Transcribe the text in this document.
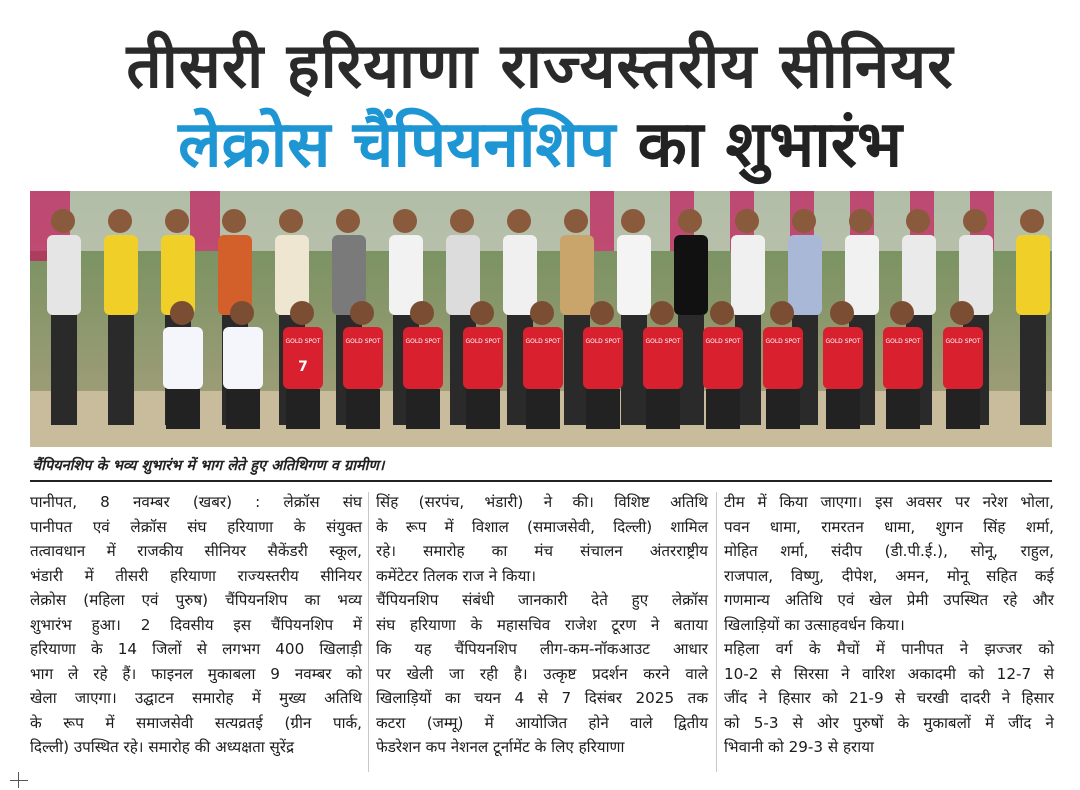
तीसरी हरियाणा राज्यस्तरीय सीनियर
लेक्रोस चैंपियनशिप का शुभारंभ
GOLD SPOT
7
GOLD SPOT	GOLD SPOT	GOLD SPOT	GOLD SPOT	GOLD SPOT	GOLD SPOT	GOLD SPOT	GOLD SPOT	GOLD SPOT	GOLD SPOT	GOLD SPOT
चैंपियनशिप के भव्य शुभारंभ में भाग लेते हुए अतिथिगण व ग्रामीण।
पानीपत, 8 नवम्बर (खबर) : लेक्रॉस संघ
पानीपत एवं लेक्रॉस संघ हरियाणा के संयुक्त
तत्वावधान में राजकीय सीनियर सैकेंडरी स्कूल,
भंडारी में तीसरी हरियाणा राज्यस्तरीय सीनियर
लेक्रोस (महिला एवं पुरुष) चैंपियनशिप का भव्य
शुभारंभ हुआ। 2 दिवसीय इस चैंपियनशिप में
हरियाणा के 14 जिलों से लगभग 400 खिलाड़ी
भाग ले रहे हैं। फाइनल मुकाबला 9 नवम्बर को
खेला जाएगा। उद्घाटन समारोह में मुख्य अतिथि
के रूप में समाजसेवी सत्यव्रतई (ग्रीन पार्क,
दिल्ली) उपस्थित रहे। समारोह की अध्यक्षता सुरेंद्र
सिंह (सरपंच, भंडारी) ने की। विशिष्ट अतिथि
के रूप में विशाल (समाजसेवी, दिल्ली) शामिल
रहे। समारोह का मंच संचालन अंतरराष्ट्रीय
कमेंटेटर तिलक राज ने किया।
चैंपियनशिप संबंधी जानकारी देते हुए लेक्रॉस
संघ हरियाणा के महासचिव राजेश टूरण ने बताया
कि यह चैंपियनशिप लीग-कम-नॉकआउट आधार
पर खेली जा रही है। उत्कृष्ट प्रदर्शन करने वाले
खिलाड़ियों का चयन 4 से 7 दिसंबर 2025 तक
कटरा (जम्मू) में आयोजित होने वाले द्वितीय
फेडरेशन कप नेशनल टूर्नामेंट के लिए हरियाणा
टीम में किया जाएगा। इस अवसर पर नरेश भोला,
पवन धामा, रामरतन धामा, शुगन सिंह शर्मा,
मोहित शर्मा, संदीप (डी.पी.ई.), सोनू, राहुल,
राजपाल, विष्णु, दीपेश, अमन, मोनू सहित कई
गणमान्य अतिथि एवं खेल प्रेमी उपस्थित रहे और
खिलाड़ियों का उत्साहवर्धन किया।
महिला वर्ग के मैचों में पानीपत ने झज्जर को
10-2 से सिरसा ने वारिश अकादमी को 12-7 से
जींद ने हिसार को 21-9 से चरखी दादरी ने हिसार
को 5-3 से ओर पुरुषों के मुकाबलों में जींद ने
भिवानी को 29-3 से हराया
